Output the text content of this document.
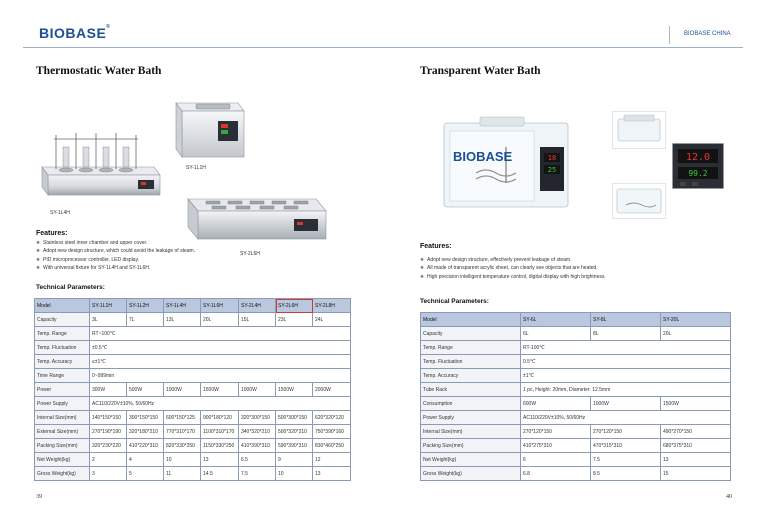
BIOBASE®
BIOBASE CHINA
Thermostatic Water Bath
SY-1L4H
SY-1L1H
SY-2L6H
Features:
❖ Stainless steel inner chamber and upper cover.
❖ Adopt new design structure, which could avoid the leakage of steam.
❖ PID microprocessor controller, LED display.
❖ With universal fixture for SY-1L4H and SY-1L6H.
Technical Parameters:
Model	SY-1L1H	SY-1L2H	SY-1L4H	SY-1L6H	SY-2L4H	SY-2L6H	SY-2L8H
Capacity	3L	7L	13L	20L	15L	23L	24L
Temp. Range	RT~100℃						
Temp. Fluctuation	±0.5℃						
Temp. Accuracy	≤±1℃						
Time Range	0~999min						
Power	300W	500W	1000W	1500W	1000W	1500W	2000W
Power Supply	AC110/220V±10%, 50/60Hz						
Internal Size(mm)	140*150*150	300*150*150	600*150*125	900*180*120	320*300*150	500*300*150	620*320*120
External Size(mm)	270*190*190	320*180*210	770*310*170	1100*310*170	340*320*210	500*320*210	750*390*160
Packing Size(mm)	320*230*220	410*220*310	820*330*250	1150*330*250	410*390*310	590*390*310	830*460*250
Net Weight(kg)	2	4	10	13	6.5	9	12
Gross Weight(kg)	3	5	11	14.5	7.5	10	13
39
Transparent Water Bath
18
25
BIOBASE	12.0
99.2
Features:
❖ Adopt new design structure, effectively prevent leakage of steam.
❖ All made of transparent acrylic sheet, can clearly see objects that are heated.
❖ High precision intelligent temperature control, digital display with high brightness.
Technical Parameters:
Model	SY-6L	SY-8L	SY-20L
Capacity	6L	8L	20L
Temp. Range	RT-100℃		
Temp. Fluctuation	0.5℃		
Temp. Accuracy	±1℃		
Tube Rack	1 pc, Height: 20mm, Diameter: 12.5mm		
Consumption	600W	1000W	1500W
Power Supply	AC110/220V±10%, 50/60Hz		
Internal Size(mm)	270*120*150	270*120*150	490*270*150
Packing Size(mm)	410*275*310	470*315*310	680*375*310
Net Weight(kg)	6	7.5	13
Gross Weight(kg)	6.8	8.5	15
40
